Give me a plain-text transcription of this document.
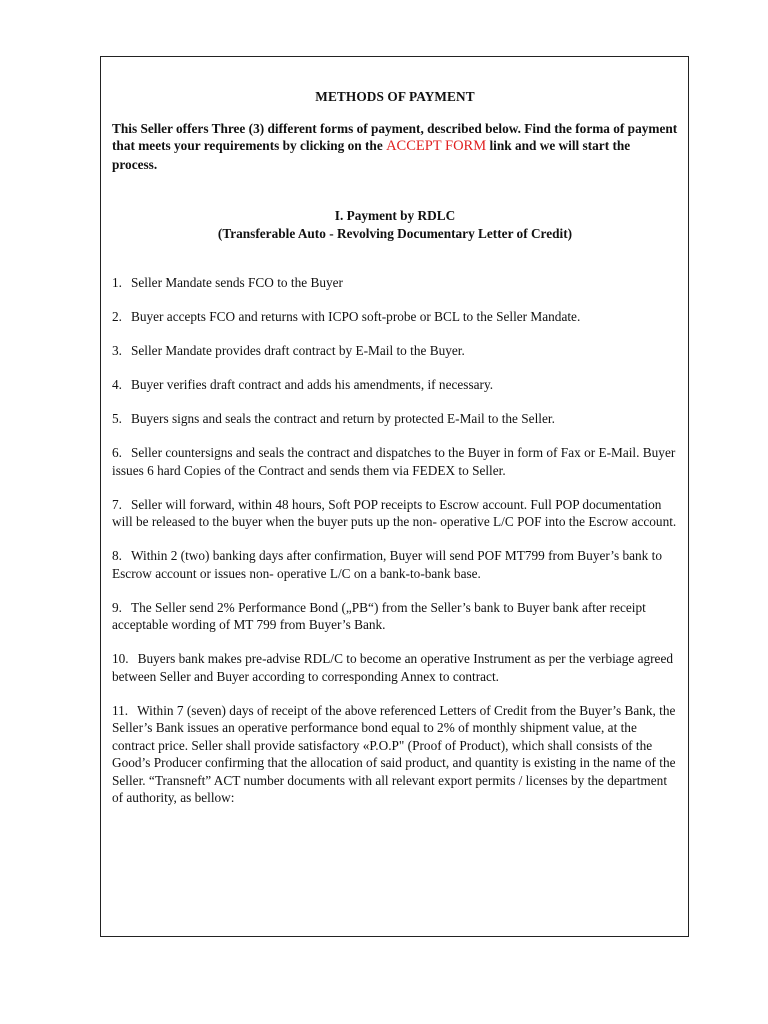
METHODS OF PAYMENT

This Seller offers Three (3) different forms of payment, described below. Find the forma of payment that meets your requirements by clicking on the ACCEPT FORM link and we will start the process.

I. Payment by RDLC
(Transferable Auto - Revolving Documentary Letter of Credit)

1. Seller Mandate sends FCO to the Buyer

2. Buyer accepts FCO and returns with ICPO soft-probe or BCL to the Seller Mandate.

3. Seller Mandate provides draft contract by E-Mail to the Buyer.

4. Buyer verifies draft contract and adds his amendments, if necessary.

5. Buyers signs and seals the contract and return by protected E-Mail to the Seller.

6. Seller countersigns and seals the contract and dispatches to the Buyer in form of Fax or E-Mail. Buyer issues 6 hard Copies of the Contract and sends them via FEDEX to Seller.

7. Seller will forward, within 48 hours, Soft POP receipts to Escrow account. Full POP documentation will be released to the buyer when the buyer puts up the non- operative L/C POF into the Escrow account.

8. Within 2 (two) banking days after confirmation, Buyer will send POF MT799 from Buyer’s bank to Escrow account or issues non- operative L/C on a bank-to-bank base.

9. The Seller send 2% Performance Bond („PB“) from the Seller’s bank to Buyer bank after receipt acceptable wording of MT 799 from Buyer’s Bank.

10. Buyers bank makes pre-advise RDL/C to become an operative Instrument as per the verbiage agreed between Seller and Buyer according to corresponding Annex to contract.

11. Within 7 (seven) days of receipt of the above referenced Letters of Credit from the Buyer’s Bank, the Seller’s Bank issues an operative performance bond equal to 2% of monthly shipment value, at the contract price. Seller shall provide satisfactory «P.O.P" (Proof of Product), which shall consists of the Good’s Producer confirming that the allocation of said product, and quantity is existing in the name of the Seller. “Transneft” ACT number documents with all relevant export permits / licenses by the department of authority, as bellow:
